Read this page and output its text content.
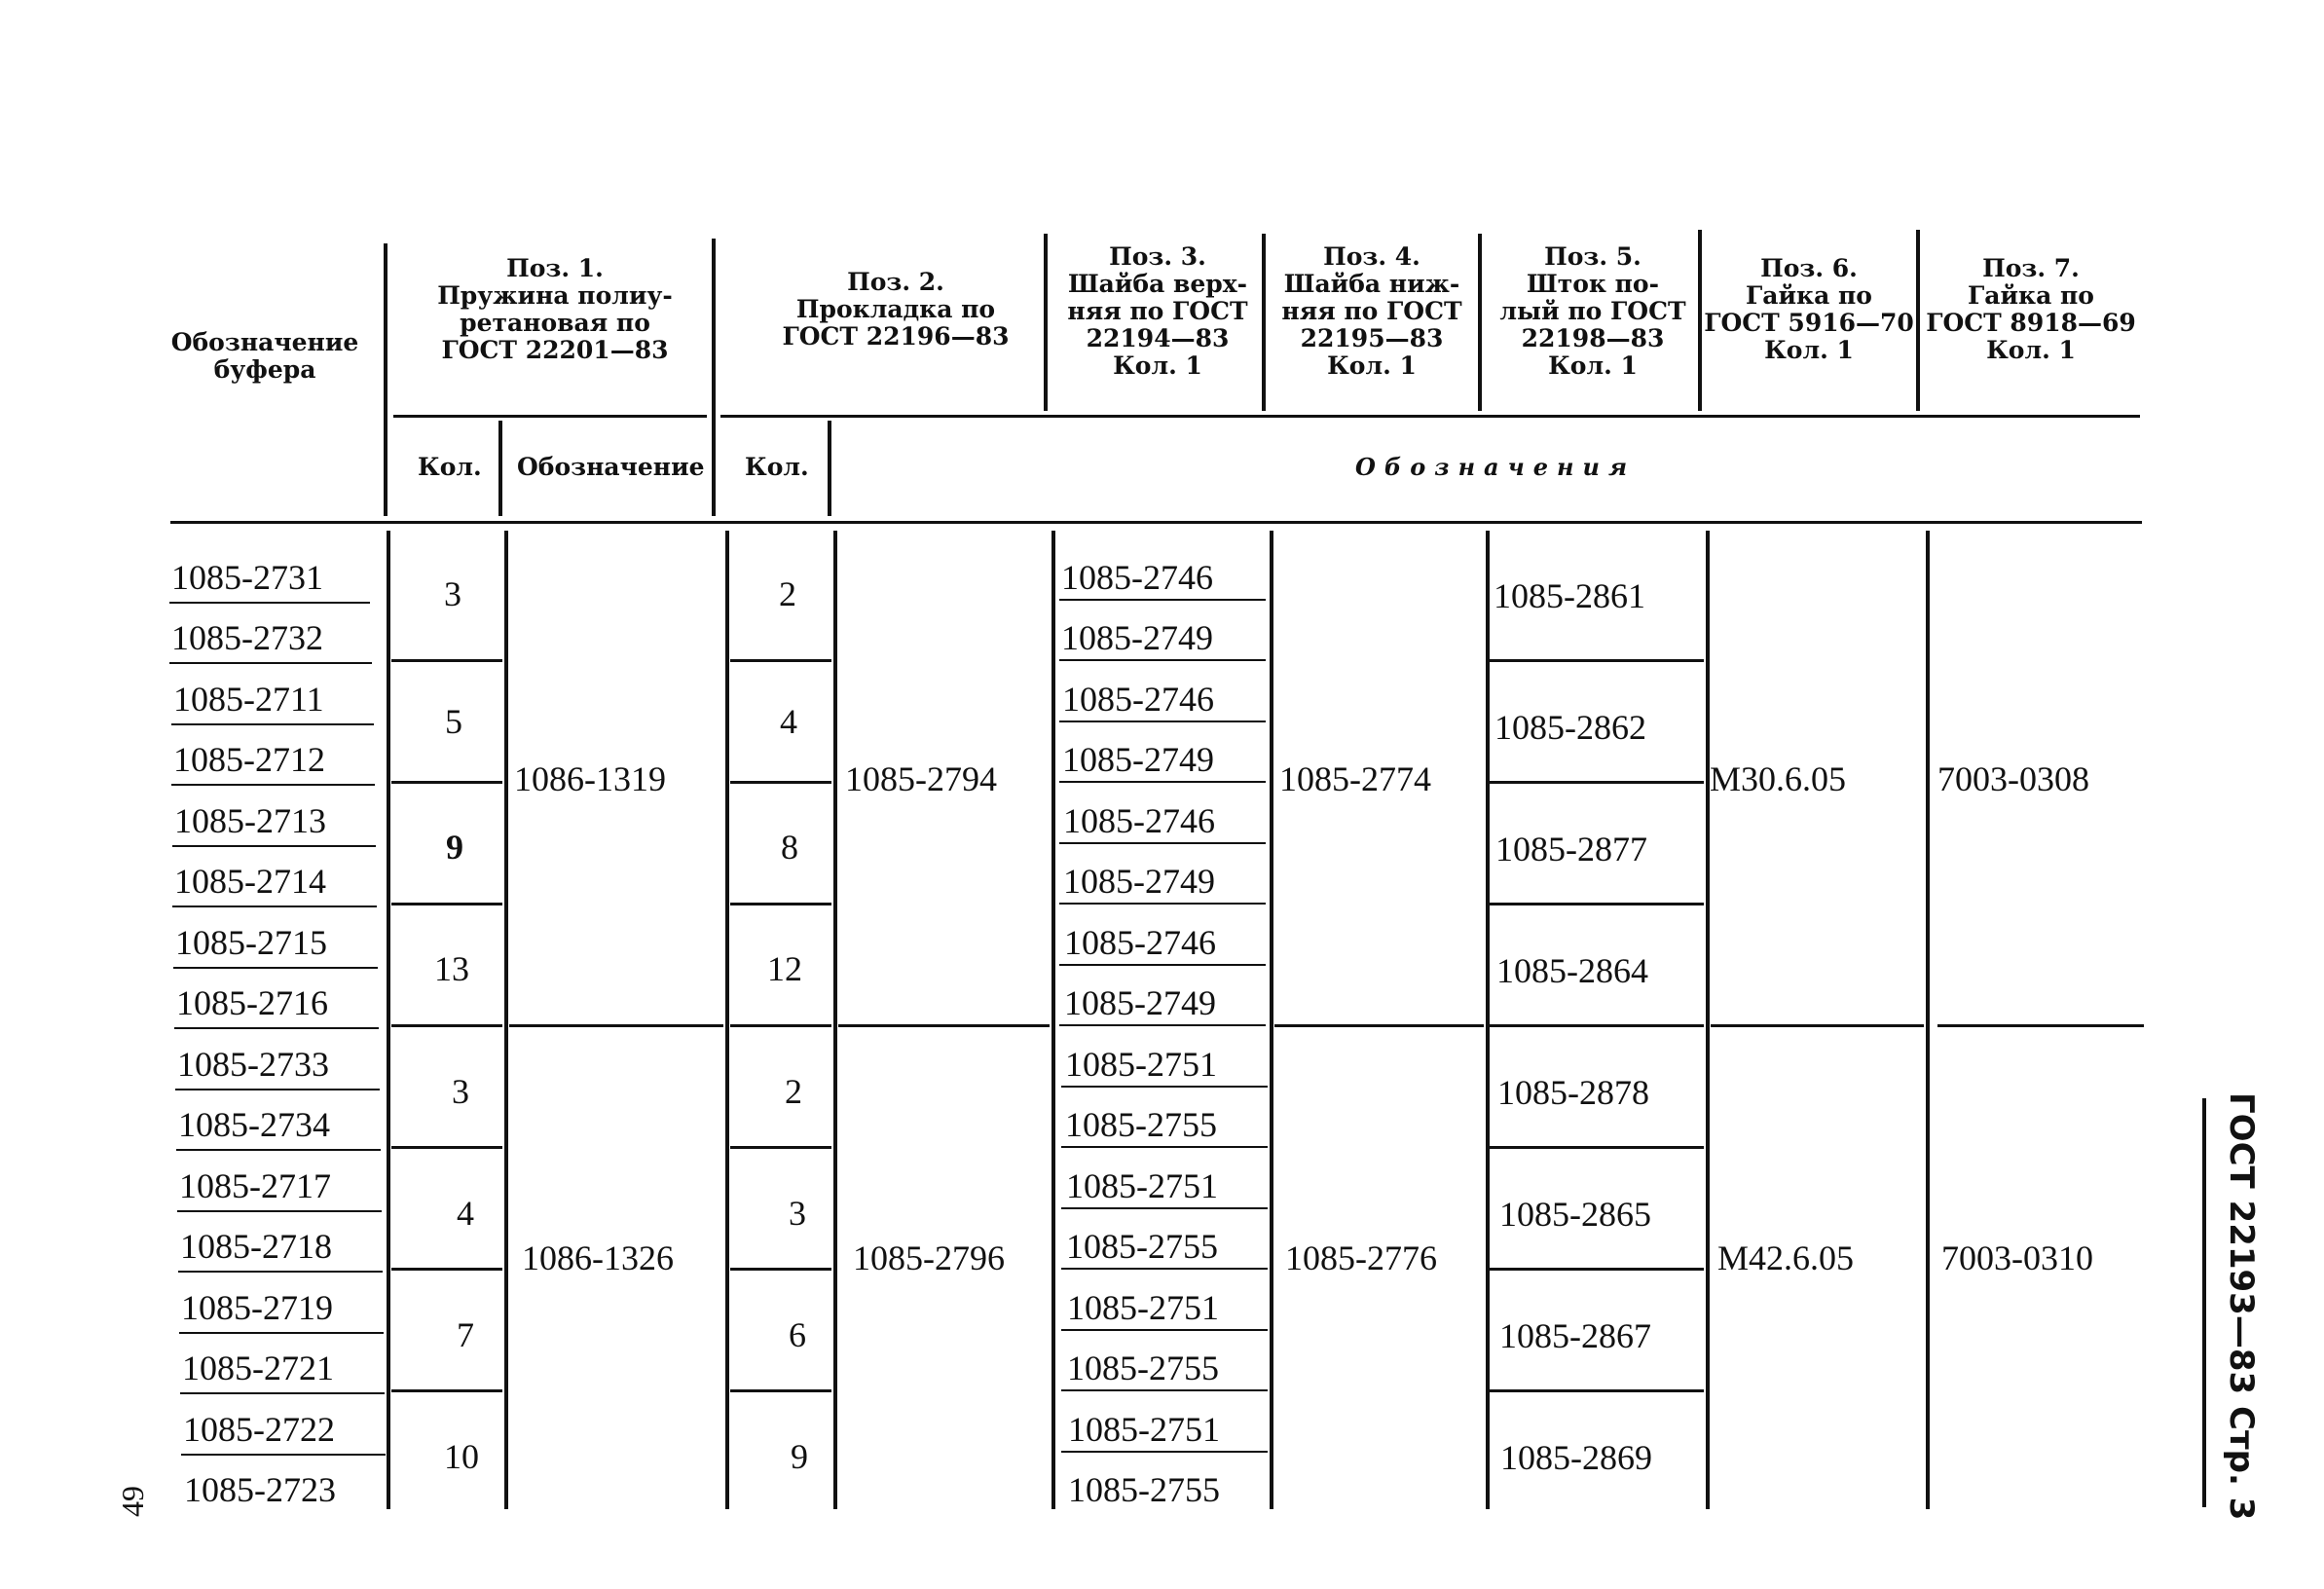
Обозначение
буфера
Поз. 1.
Пружина полиу-
ретановая по
ГОСТ 22201—83
Поз. 2.
Прокладка по
ГОСТ 22196—83
Поз. 3.
Шайба верх-
няя по ГОСТ
22194—83
Кол. 1
Поз. 4.
Шайба ниж-
няя по ГОСТ
22195—83
Кол. 1
Поз. 5.
Шток по-
лый по ГОСТ
22198—83
Кол. 1
Поз. 6.
Гайка по
ГОСТ 5916—70
Кол. 1
Поз. 7.
Гайка по
ГОСТ 8918—69
Кол. 1
Кол. Обозначение Кол.	Обозначения
1085-2731
1085-2732
1085-2711
1085-2712
1085-2713
1085-2714
1085-2715
1085-2716
1085-2733
1085-2734
1085-2717
1085-2718
1085-2719
1085-2721
1085-2722
1085-2723
3
5
9
13
3
4
7
10
1086-1319
1086-1326
2
4
8
12
2
3
6
9
1085-2794
1085-2796
1085-2746
1085-2749
1085-2746
1085-2749
1085-2746
1085-2749
1085-2746
1085-2749
1085-2751
1085-2755
1085-2751
1085-2755
1085-2751
1085-2755
1085-2751
1085-2755
1085-2774
1085-2776
1085-2861
1085-2862
1085-2877
1085-2864
1085-2878
1085-2865
1085-2867
1085-2869
М30.6.05
М42.6.05
7003-0308
7003-0310	ГОСТ 22193—83 Стр. 3
49
